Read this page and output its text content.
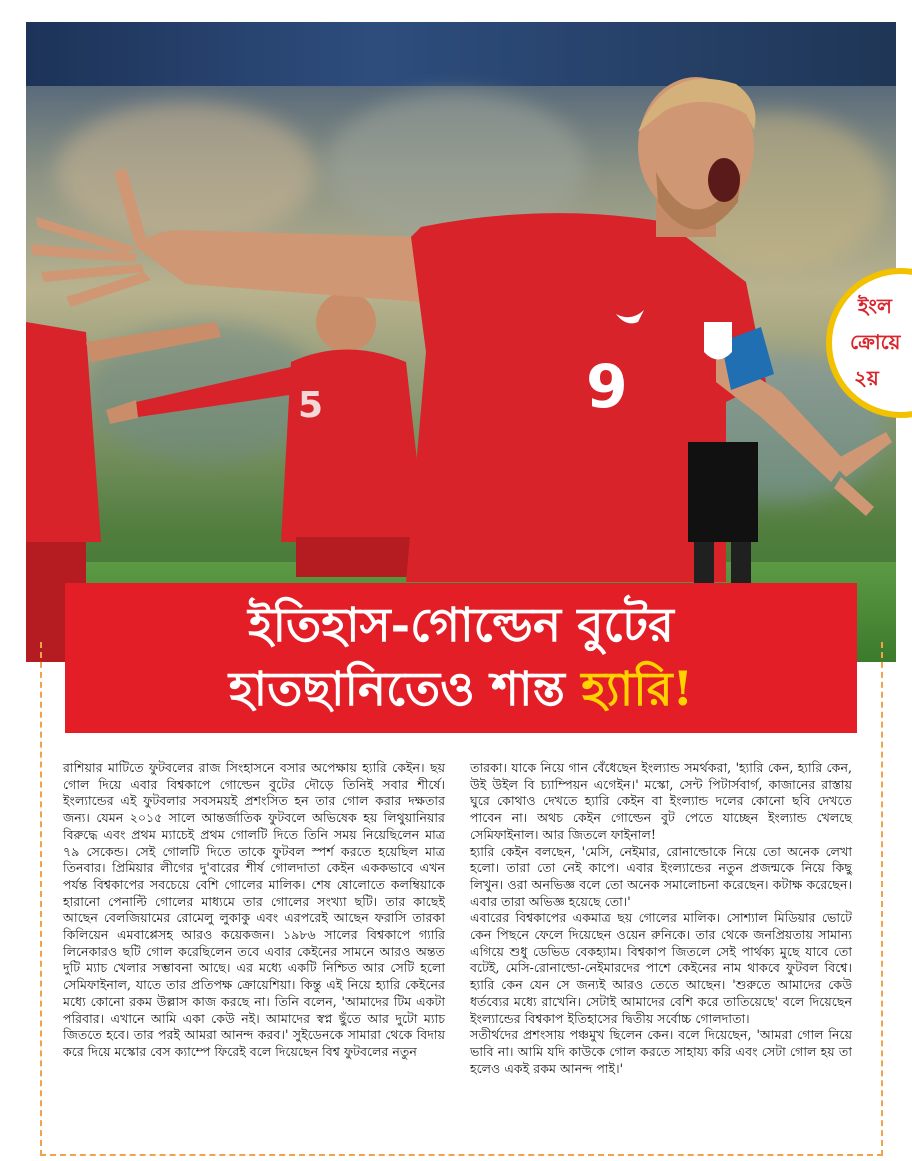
5	9
ইংল
ক্রোয়ে
২য়
ইতিহাস-গোল্ডেন বুটের
হাতছানিতেও শান্ত হ্যারি!

রাশিয়ার মাটিতে ফুটবলের রাজ সিংহাসনে বসার অপেক্ষায় হ্যারি কেইন। ছয় গোল দিয়ে এবার বিশ্বকাপে গোল্ডেন বুটের দৌড়ে তিনিই সবার শীর্ষে। ইংল্যান্ডের এই ফুটবলার সবসময়ই প্রশংসিত হন তার গোল করার দক্ষতার জন্য। যেমন ২০১৫ সালে আন্তর্জাতিক ফুটবলে অভিষেক হয় লিথুয়ানিয়ার বিরুদ্ধে এবং প্রথম ম্যাচেই প্রথম গোলটি দিতে তিনি সময় নিয়েছিলেন মাত্র ৭৯ সেকেন্ড। সেই গোলটি দিতে তাকে ফুটবল স্পর্শ করতে হয়েছিল মাত্র তিনবার। প্রিমিয়ার লীগের দু'বারের শীর্ষ গোলদাতা কেইন এককভাবে এখন পর্যন্ত বিশ্বকাপের সবচেয়ে বেশি গোলের মালিক। শেষ ষোলোতে কলম্বিয়াকে হারানো পেনাল্টি গোলের মাধ্যমে তার গোলের সংখ্যা ছটি। তার কাছেই আছেন বেলজিয়ামের রোমেলু লুকাকু এবং এরপরেই আছেন ফরাসি তারকা কিলিয়েন এমবাপ্পেসহ আরও কয়েকজন। ১৯৮৬ সালের বিশ্বকাপে গ্যারি লিনেকারও ছটি গোল করেছিলেন তবে এবার কেইনের সামনে আরও অন্তত দুটি ম্যাচ খেলার সম্ভাবনা আছে। এর মধ্যে একটি নিশ্চিত আর সেটি হলো সেমিফাইনাল, যাতে তার প্রতিপক্ষ ক্রোয়েশিয়া। কিন্তু এই নিয়ে হ্যারি কেইনের মধ্যে কোনো রকম উল্লাস কাজ করছে না। তিনি বলেন, 'আমাদের টিম একটা পরিবার। এখানে আমি একা কেউ নই। আমাদের স্বপ্ন ছুঁতে আর দুটো ম্যাচ জিততে হবে। তার পরই আমরা আনন্দ করব।' সুইডেনকে সামারা থেকে বিদায় করে দিয়ে মস্কোর বেস ক্যাম্পে ফিরেই বলে দিয়েছেন বিশ্ব ফুটবলের নতুন

তারকা। যাকে নিয়ে গান বেঁধেছেন ইংল্যান্ড সমর্থকরা, 'হ্যারি কেন, হ্যারি কেন, উই উইল বি চ্যাম্পিয়ন এগেইন।' মস্কো, সেন্ট পিটার্সবার্গ, কাজানের রাস্তায় ঘুরে কোথাও দেখতে হ্যারি কেইন বা ইংল্যান্ড দলের কোনো ছবি দেখতে পাবেন না। অথচ কেইন গোল্ডেন বুট পেতে যাচ্ছেন ইংল্যান্ড খেলছে সেমিফাইনাল। আর জিতলে ফাইনাল!

হ্যারি কেইন বলছেন, 'মেসি, নেইমার, রোনাল্ডোকে নিয়ে তো অনেক লেখা হলো। তারা তো নেই কাপে। এবার ইংল্যান্ডের নতুন প্রজন্মকে নিয়ে কিছু লিখুন। ওরা অনভিজ্ঞ বলে তো অনেক সমালোচনা করেছেন। কটাক্ষ করেছেন। এবার তারা অভিজ্ঞ হয়েছে তো।'

এবারের বিশ্বকাপের একমাত্র ছয় গোলের মালিক। সোশ্যাল মিডিয়ার ভোটে কেন পিছনে ফেলে দিয়েছেন ওয়েন রুনিকে। তার থেকে জনপ্রিয়তায় সামান্য এগিয়ে শুধু ডেভিড বেকহ্যাম। বিশ্বকাপ জিতলে সেই পার্থক্য মুছে যাবে তো বটেই, মেসি-রোনাল্ডো-নেইমারদের পাশে কেইনের নাম থাকবে ফুটবল বিশ্বে। হ্যারি কেন যেন সে জন্যই আরও তেতে আছেন। 'শুরুতে আমাদের কেউ ধর্তব্যের মধ্যে রাখেনি। সেটাই আমাদের বেশি করে তাতিয়েছে' বলে দিয়েছেন ইংল্যান্ডের বিশ্বকাপ ইতিহাসের দ্বিতীয় সর্বোচ্চ গোলদাতা।

সতীর্থদের প্রশংসায় পঞ্চমুখ ছিলেন কেন। বলে দিয়েছেন, 'আমরা গোল নিয়ে ভাবি না। আমি যদি কাউকে গোল করতে সাহায্য করি এবং সেটা গোল হয় তা হলেও একই রকম আনন্দ পাই।'
